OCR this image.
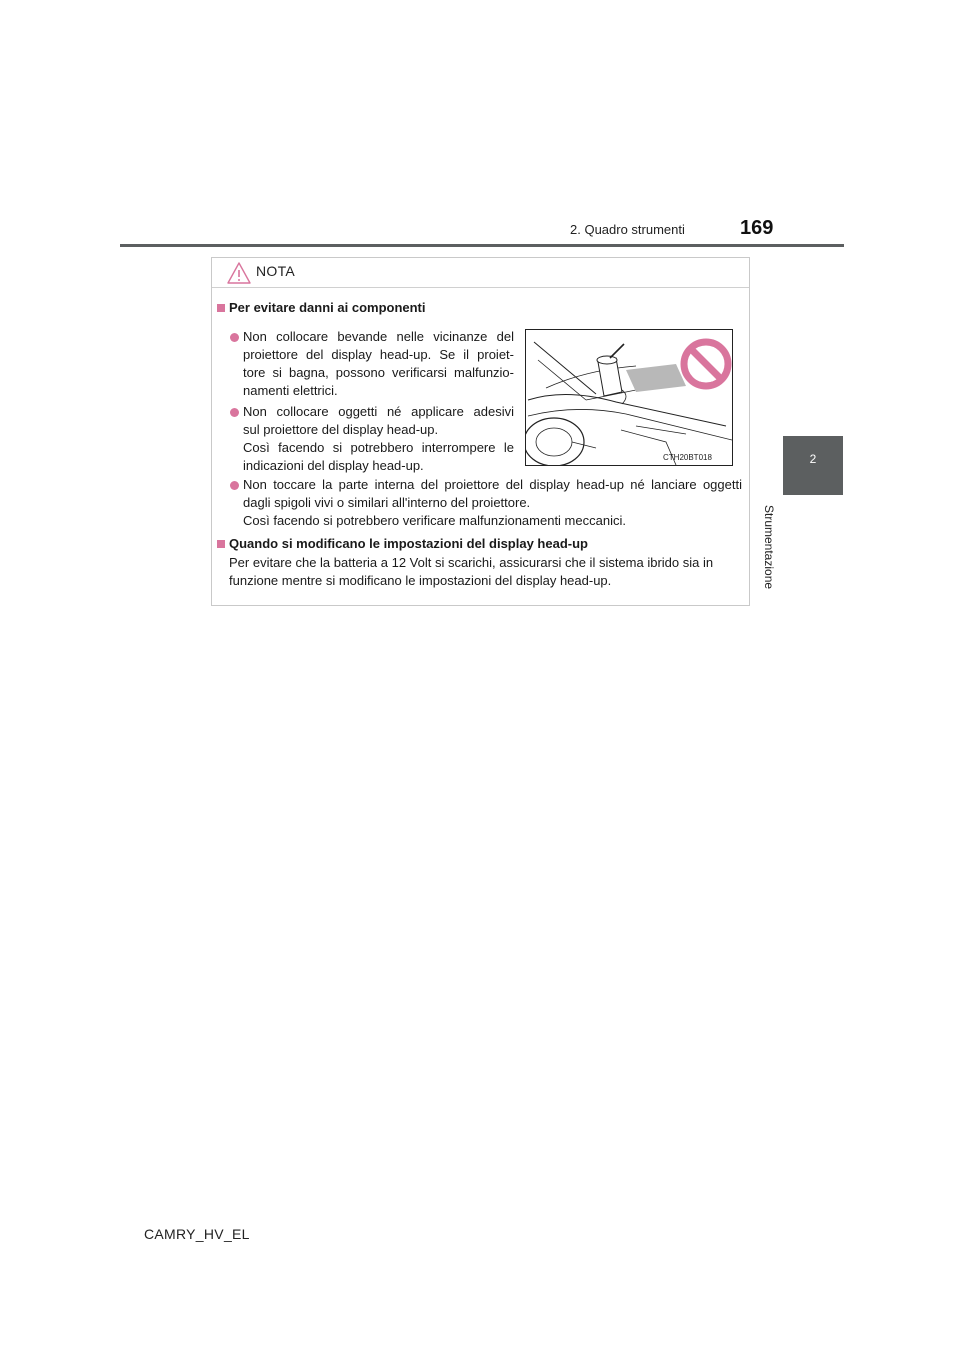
2. Quadro strumenti	169
2
Strumentazione
NOTA
Per evitare danni ai componenti
Non collocare bevande nelle vicinanze del
proiettore del display head-up. Se il proiet-
tore si bagna, possono verificarsi malfunzio-
namenti elettrici.
Non collocare oggetti né applicare adesivi
sul proiettore del display head-up.
Così facendo si potrebbero interrompere le
indicazioni del display head-up.
CTH20BT018
Non toccare la parte interna del proiettore del display head-up né lanciare oggetti
dagli spigoli vivi o similari all'interno del proiettore.
Così facendo si potrebbero verificare malfunzionamenti meccanici.
Quando si modificano le impostazioni del display head-up
Per evitare che la batteria a 12 Volt si scarichi, assicurarsi che il sistema ibrido sia in
funzione mentre si modificano le impostazioni del display head-up.
CAMRY_HV_EL
